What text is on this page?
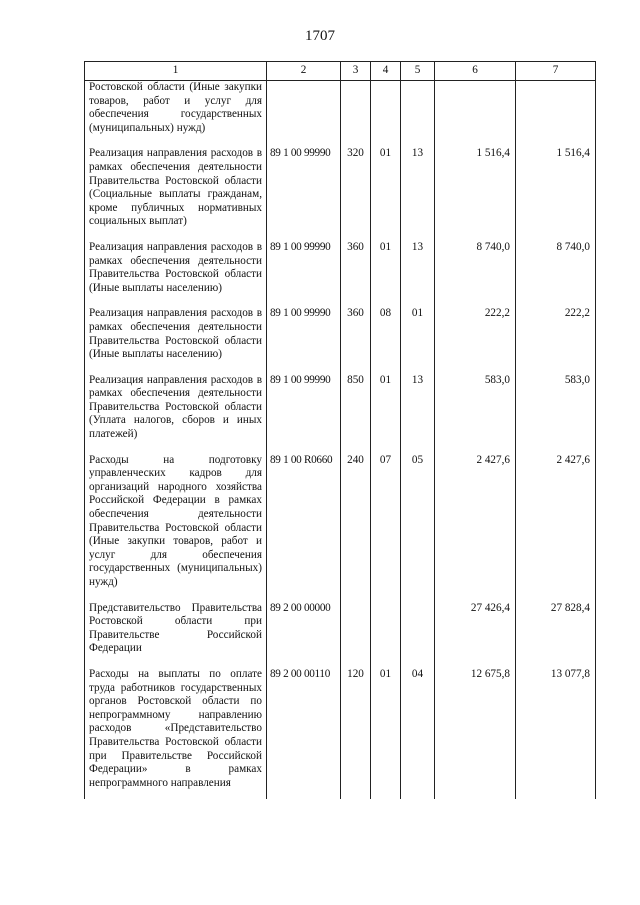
1707
1	2	3	4	5	6	7
Ростовской области (Иные закупки товаров, работ и услуг для обеспечения государственных (муниципальных) нужд)						
Реализация направления расходов в рамках обеспечения деятельности Правительства Ростовской области (Социальные выплаты гражданам, кроме публичных нормативных социальных выплат)	89 1 00 99990	320	01	13	1 516,4	1 516,4
Реализация направления расходов в рамках обеспечения деятельности Правительства Ростовской области (Иные выплаты населению)	89 1 00 99990	360	01	13	8 740,0	8 740,0
Реализация направления расходов в рамках обеспечения деятельности Правительства Ростовской области (Иные выплаты населению)	89 1 00 99990	360	08	01	222,2	222,2
Реализация направления расходов в рамках обеспечения деятельности Правительства Ростовской области (Уплата налогов, сборов и иных платежей)	89 1 00 99990	850	01	13	583,0	583,0
Расходы на подготовку управленческих кадров для организаций народного хозяйства Российской Федерации в рамках обеспечения деятельности Правительства Ростовской области (Иные закупки товаров, работ и услуг для обеспечения государственных (муниципальных) нужд)	89 1 00 R0660	240	07	05	2 427,6	2 427,6
Представительство Правительства Ростовской области при Правительстве Российской Федерации	89 2 00 00000				27 426,4	27 828,4
Расходы на выплаты по оплате труда работников государственных органов Ростовской области по непрограммному направлению расходов «Представительство Правительства Ростовской области при Правительстве Российской Федерации» в рамках непрограммного направления	89 2 00 00110	120	01	04	12 675,8	13 077,8
